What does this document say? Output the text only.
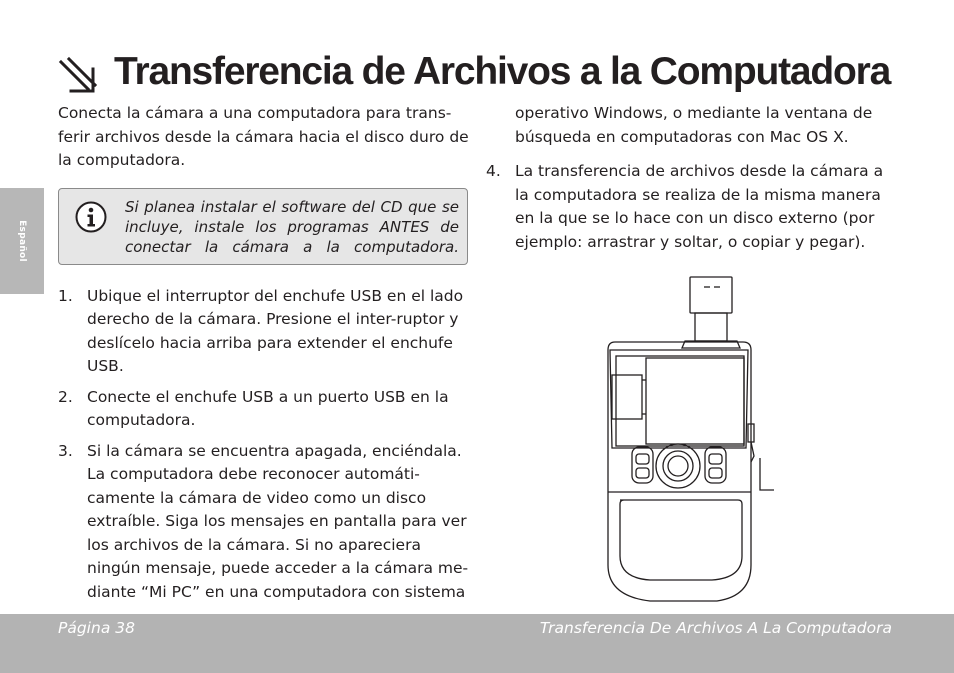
Español
Transferencia de Archivos a la Computadora

Conecta la cámara a una computadora para trans-ferir archivos desde la cámara hacia el disco duro de la computadora.

Si planea instalar el software del CD que se incluye, instale los programas ANTES de conectar la cámara a la computadora.

1. Ubique el interruptor del enchufe USB en el lado derecho de la cámara. Presione el inter-ruptor y deslícelo hacia arriba para extender el enchufe USB.
2. Conecte el enchufe USB a un puerto USB en la computadora.
3. Si la cámara se encuentra apagada, enciéndala. La computadora debe reconocer automáti-camente la cámara de video como un disco extraíble. Siga los mensajes en pantalla para ver los archivos de la cámara. Si no apareciera ningún mensaje, puede acceder a la cámara me-diante “Mi PC” en una computadora con sistema

operativo Windows, o mediante la ventana de búsqueda en computadoras con Mac OS X.

4. La transferencia de archivos desde la cámara a la computadora se realiza de la misma manera en la que se lo hace con un disco externo (por ejemplo: arrastrar y soltar, o copiar y pegar).
Página 38	Transferencia De Archivos A La Computadora
